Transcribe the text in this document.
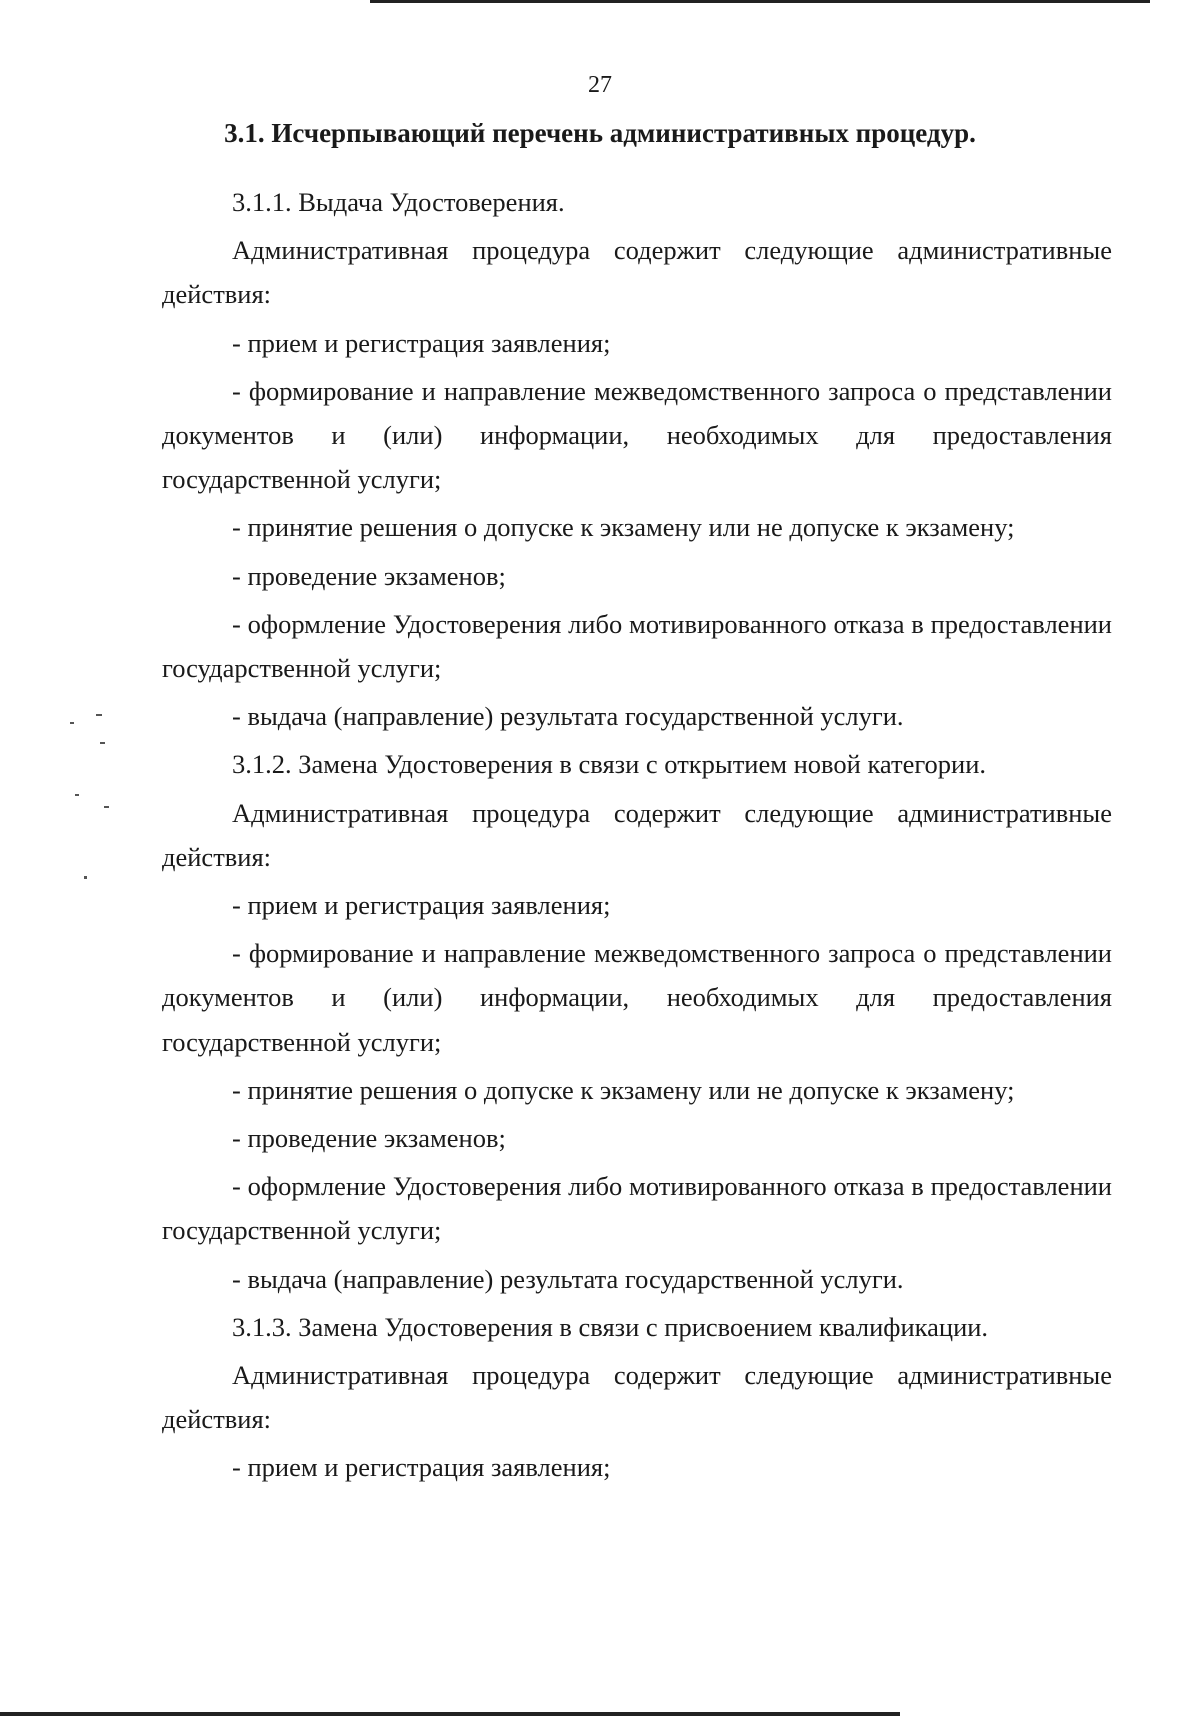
27
3.1. Исчерпывающий перечень административных процедур.

3.1.1. Выдача Удостоверения.

Административная процедура содержит следующие административные действия:

- прием и регистрация заявления;

- формирование и направление межведомственного запроса о представлении документов и (или) информации, необходимых для предоставления государственной услуги;

- принятие решения о допуске к экзамену или не допуске к экзамену;

- проведение экзаменов;

- оформление Удостоверения либо мотивированного отказа в предоставлении государственной услуги;

- выдача (направление) результата государственной услуги.

3.1.2. Замена Удостоверения в связи с открытием новой категории.

Административная процедура содержит следующие административные действия:

- прием и регистрация заявления;

- формирование и направление межведомственного запроса о представлении документов и (или) информации, необходимых для предоставления государственной услуги;

- принятие решения о допуске к экзамену или не допуске к экзамену;

- проведение экзаменов;

- оформление Удостоверения либо мотивированного отказа в предоставлении государственной услуги;

- выдача (направление) результата государственной услуги.

3.1.3. Замена Удостоверения в связи с присвоением квалификации.

Административная процедура содержит следующие административные действия:

- прием и регистрация заявления;
